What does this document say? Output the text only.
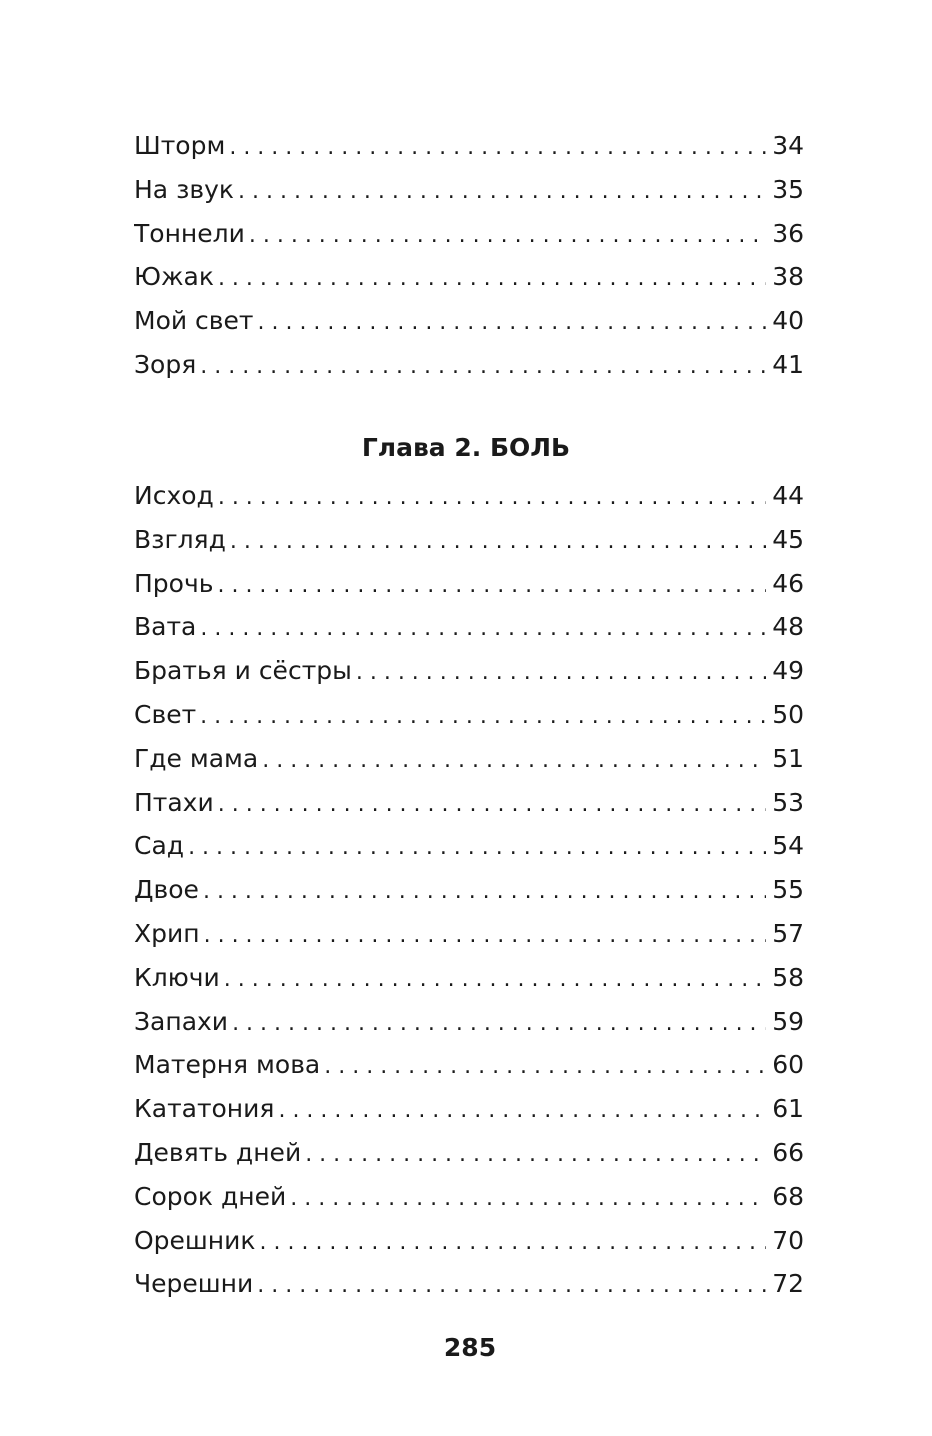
Шторм . . .	34
На звук . . .	35
Тоннели . . .	36
Южак . . .	38
Мой свет . . .	40
Зоря . . .	41
Глава 2. БОЛЬ
Исход . . .	44
Взгляд . . .	45
Прочь . . .	46
Вата . . .	48
Братья и сёстры . . .	49
Свет . . .	50
Где мама . . .	51
Птахи . . .	53
Сад . . .	54
Двое . . .	55
Хрип . . .	57
Ключи . . .	58
Запахи . . .	59
Матерня мова . . .	60
Кататония . . .	61
Девять дней . . .	66
Сорок дней . . .	68
Орешник . . .	70
Черешни . . .	72
285
